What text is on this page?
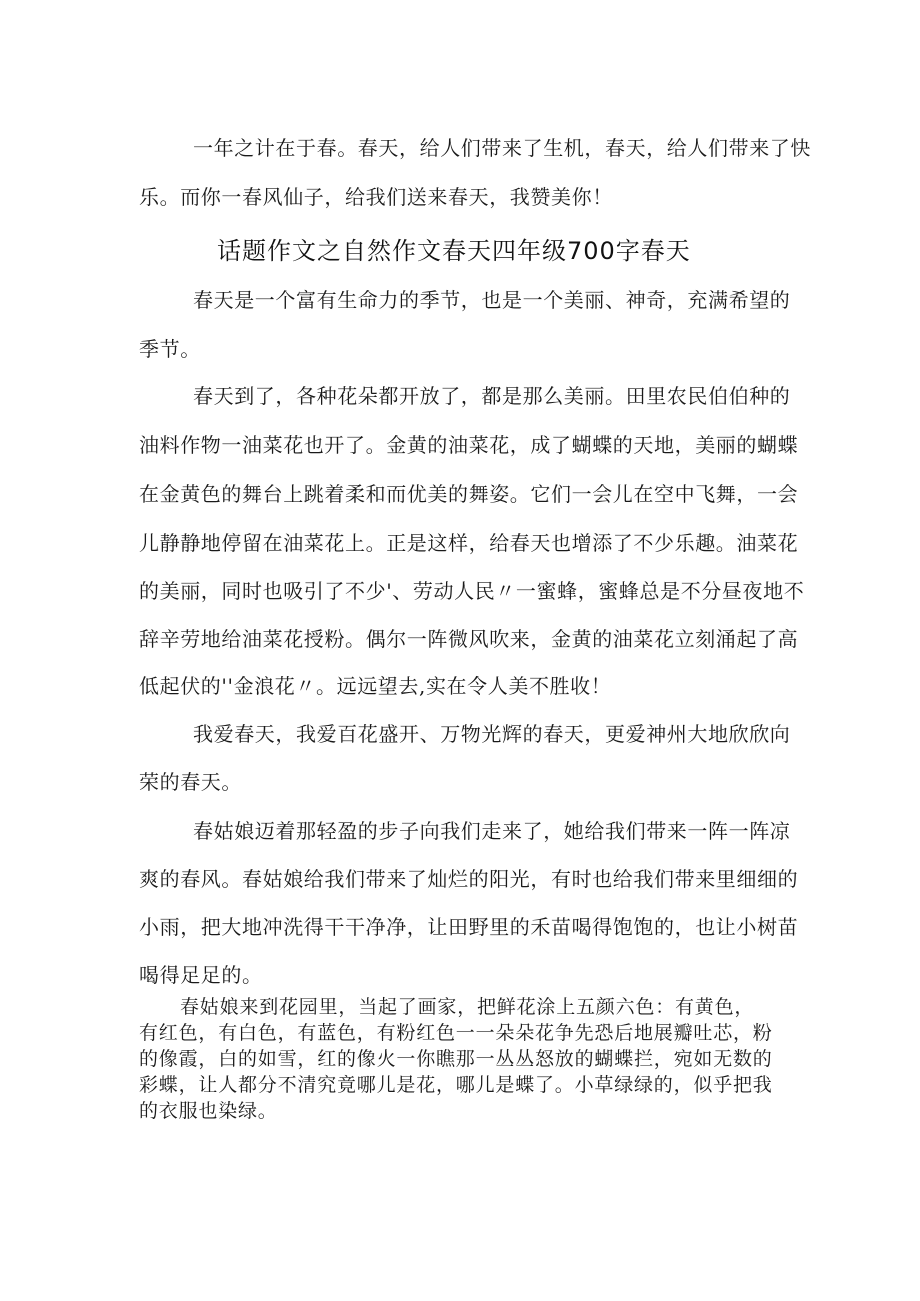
一年之计在于春。春天，给人们带来了生机，春天，给人们带来了快
乐。而你一春风仙子，给我们送来春天，我赞美你！
话题作文之自然作文春天四年级700字春天
春天是一个富有生命力的季节，也是一个美丽、神奇，充满希望的
季节。
春天到了，各种花朵都开放了，都是那么美丽。田里农民伯伯种的
油料作物一油菜花也开了。金黄的油菜花，成了蝴蝶的天地，美丽的蝴蝶
在金黄色的舞台上跳着柔和而优美的舞姿。它们一会儿在空中飞舞，一会
儿静静地停留在油菜花上。正是这样，给春天也增添了不少乐趣。油菜花
的美丽，同时也吸引了不少'、劳动人民〃一蜜蜂，蜜蜂总是不分昼夜地不
辞辛劳地给油菜花授粉。偶尔一阵微风吹来，金黄的油菜花立刻涌起了高
低起伏的''金浪花〃。远远望去,实在令人美不胜收！
我爱春天，我爱百花盛开、万物光辉的春天，更爱神州大地欣欣向
荣的春天。
春姑娘迈着那轻盈的步子向我们走来了，她给我们带来一阵一阵凉
爽的春风。春姑娘给我们带来了灿烂的阳光，有时也给我们带来里细细的
小雨，把大地冲洗得干干净净，让田野里的禾苗喝得饱饱的，也让小树苗
喝得足足的。
春姑娘来到花园里，当起了画家，把鲜花涂上五颜六色：有黄色，
有红色，有白色，有蓝色，有粉红色一一朵朵花争先恐后地展瓣吐芯，粉
的像霞，白的如雪，红的像火一你瞧那一丛丛怒放的蝴蝶拦，宛如无数的
彩蝶，让人都分不清究竟哪儿是花，哪儿是蝶了。小草绿绿的，似乎把我
的衣服也染绿。
